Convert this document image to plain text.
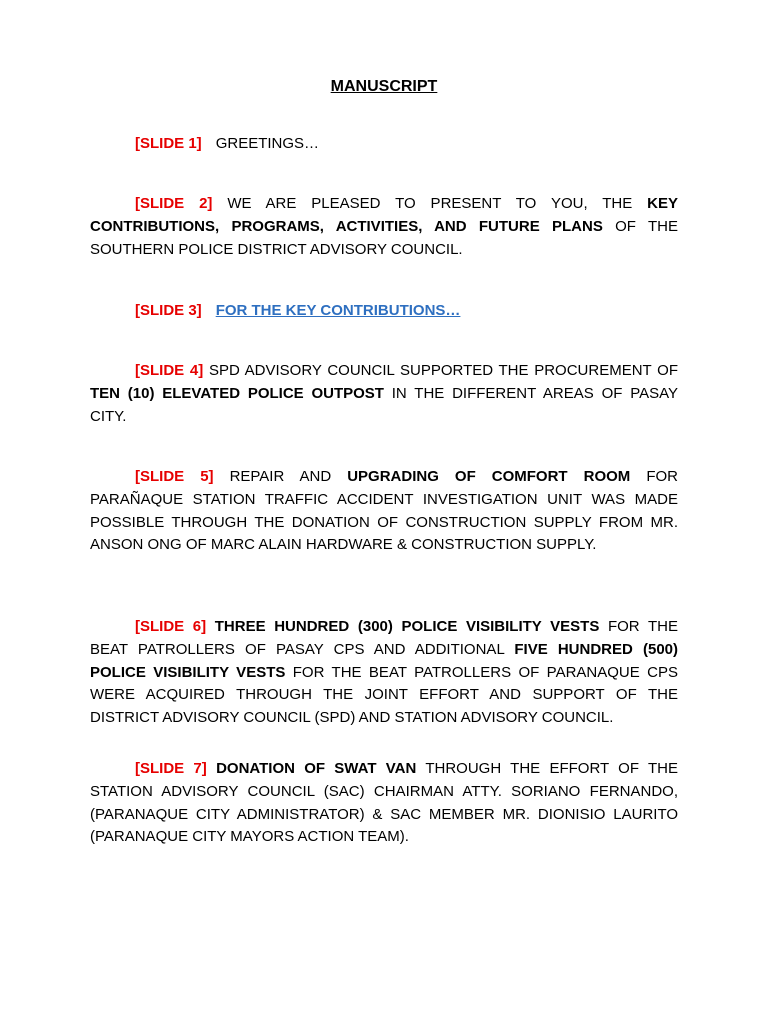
MANUSCRIPT
[SLIDE 1] GREETINGS…
[SLIDE 2] WE ARE PLEASED TO PRESENT TO YOU, THE KEY CONTRIBUTIONS, PROGRAMS, ACTIVITIES, AND FUTURE PLANS OF THE SOUTHERN POLICE DISTRICT ADVISORY COUNCIL.
[SLIDE 3] FOR THE KEY CONTRIBUTIONS…
[SLIDE 4] SPD ADVISORY COUNCIL SUPPORTED THE PROCUREMENT OF TEN (10) ELEVATED POLICE OUTPOST IN THE DIFFERENT AREAS OF PASAY CITY.
[SLIDE 5] REPAIR AND UPGRADING OF COMFORT ROOM FOR PARAÑAQUE STATION TRAFFIC ACCIDENT INVESTIGATION UNIT WAS MADE POSSIBLE THROUGH THE DONATION OF CONSTRUCTION SUPPLY FROM MR. ANSON ONG OF MARC ALAIN HARDWARE & CONSTRUCTION SUPPLY.
[SLIDE 6] THREE HUNDRED (300) POLICE VISIBILITY VESTS FOR THE BEAT PATROLLERS OF PASAY CPS AND ADDITIONAL FIVE HUNDRED (500) POLICE VISIBILITY VESTS FOR THE BEAT PATROLLERS OF PARANAQUE CPS WERE ACQUIRED THROUGH THE JOINT EFFORT AND SUPPORT OF THE DISTRICT ADVISORY COUNCIL (SPD) AND STATION ADVISORY COUNCIL.
[SLIDE 7] DONATION OF SWAT VAN THROUGH THE EFFORT OF THE STATION ADVISORY COUNCIL (SAC) CHAIRMAN ATTY. SORIANO FERNANDO, (PARANAQUE CITY ADMINISTRATOR) & SAC MEMBER MR. DIONISIO LAURITO (PARANAQUE CITY MAYORS ACTION TEAM).
